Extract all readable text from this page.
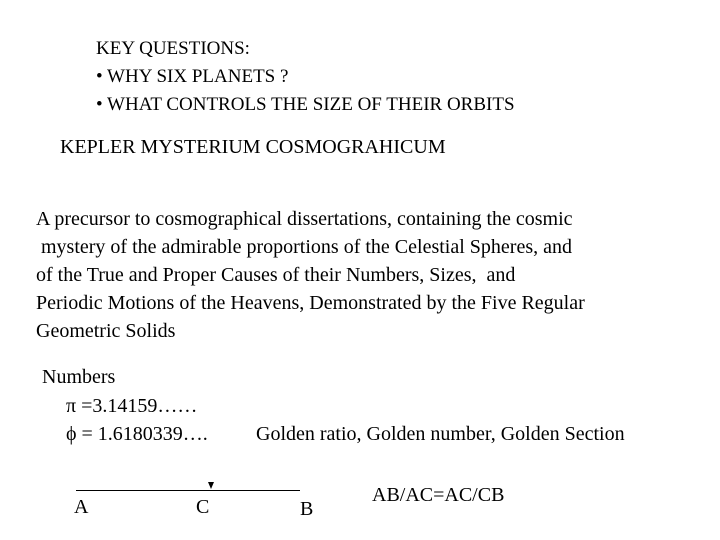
KEY QUESTIONS:
• WHY SIX PLANETS ?
• WHAT CONTROLS THE SIZE OF THEIR ORBITS
KEPLER MYSTERIUM COSMOGRAHICUM
A precursor to cosmographical dissertations, containing the cosmic
mystery of the admirable proportions of the Celestial Spheres, and
of the True and Proper Causes of their Numbers, Sizes,  and
Periodic Motions of the Heavens, Demonstrated by the Five Regular
Geometric Solids
Numbers
π =3.14159……
ϕ = 1.6180339…. Golden ratio, Golden number, Golden Section
A	C	B
AB/AC=AC/CB
